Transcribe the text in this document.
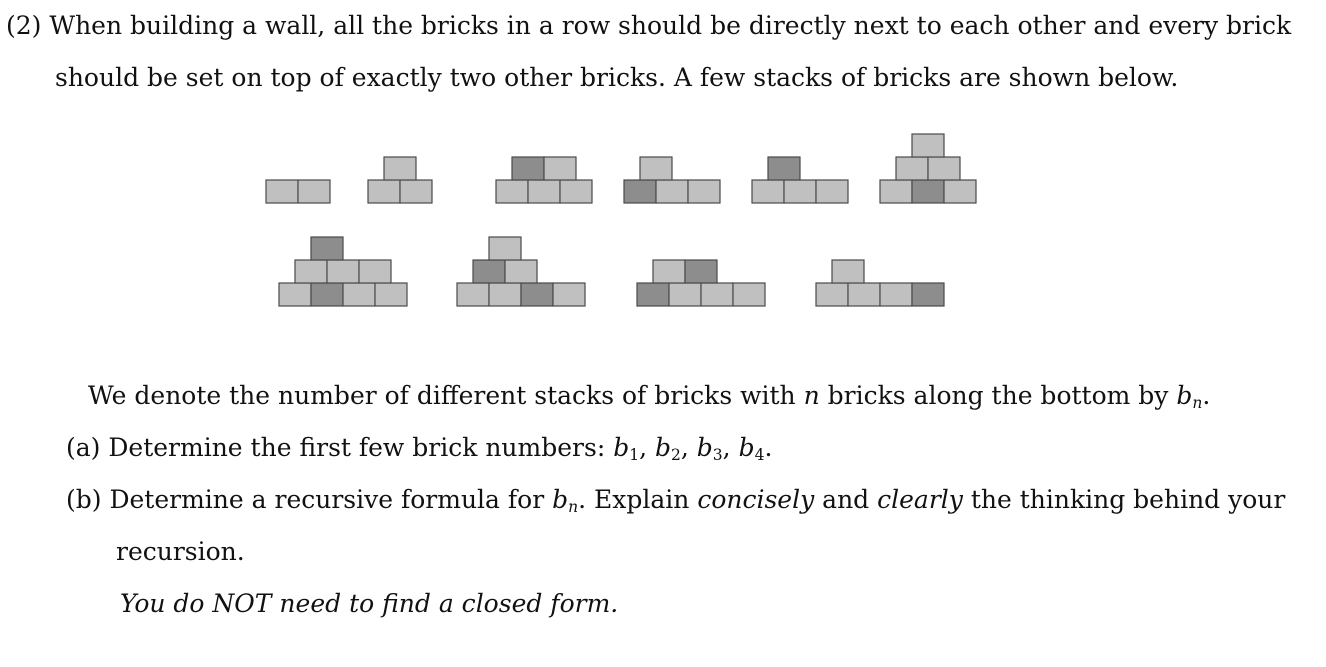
(2) When building a wall, all the bricks in a row should be directly next to each other and every brick
should be set on top of exactly two other bricks. A few stacks of bricks are shown below.
We denote the number of different stacks of bricks with n bricks along the bottom by $b_n$.
(a) Determine the first few brick numbers: $b_1$, $b_2$, $b_3$, $b_4$.
(b) Determine a recursive formula for $b_n$. Explain concisely and clearly the thinking behind your
recursion.
You do NOT need to find a closed form.
